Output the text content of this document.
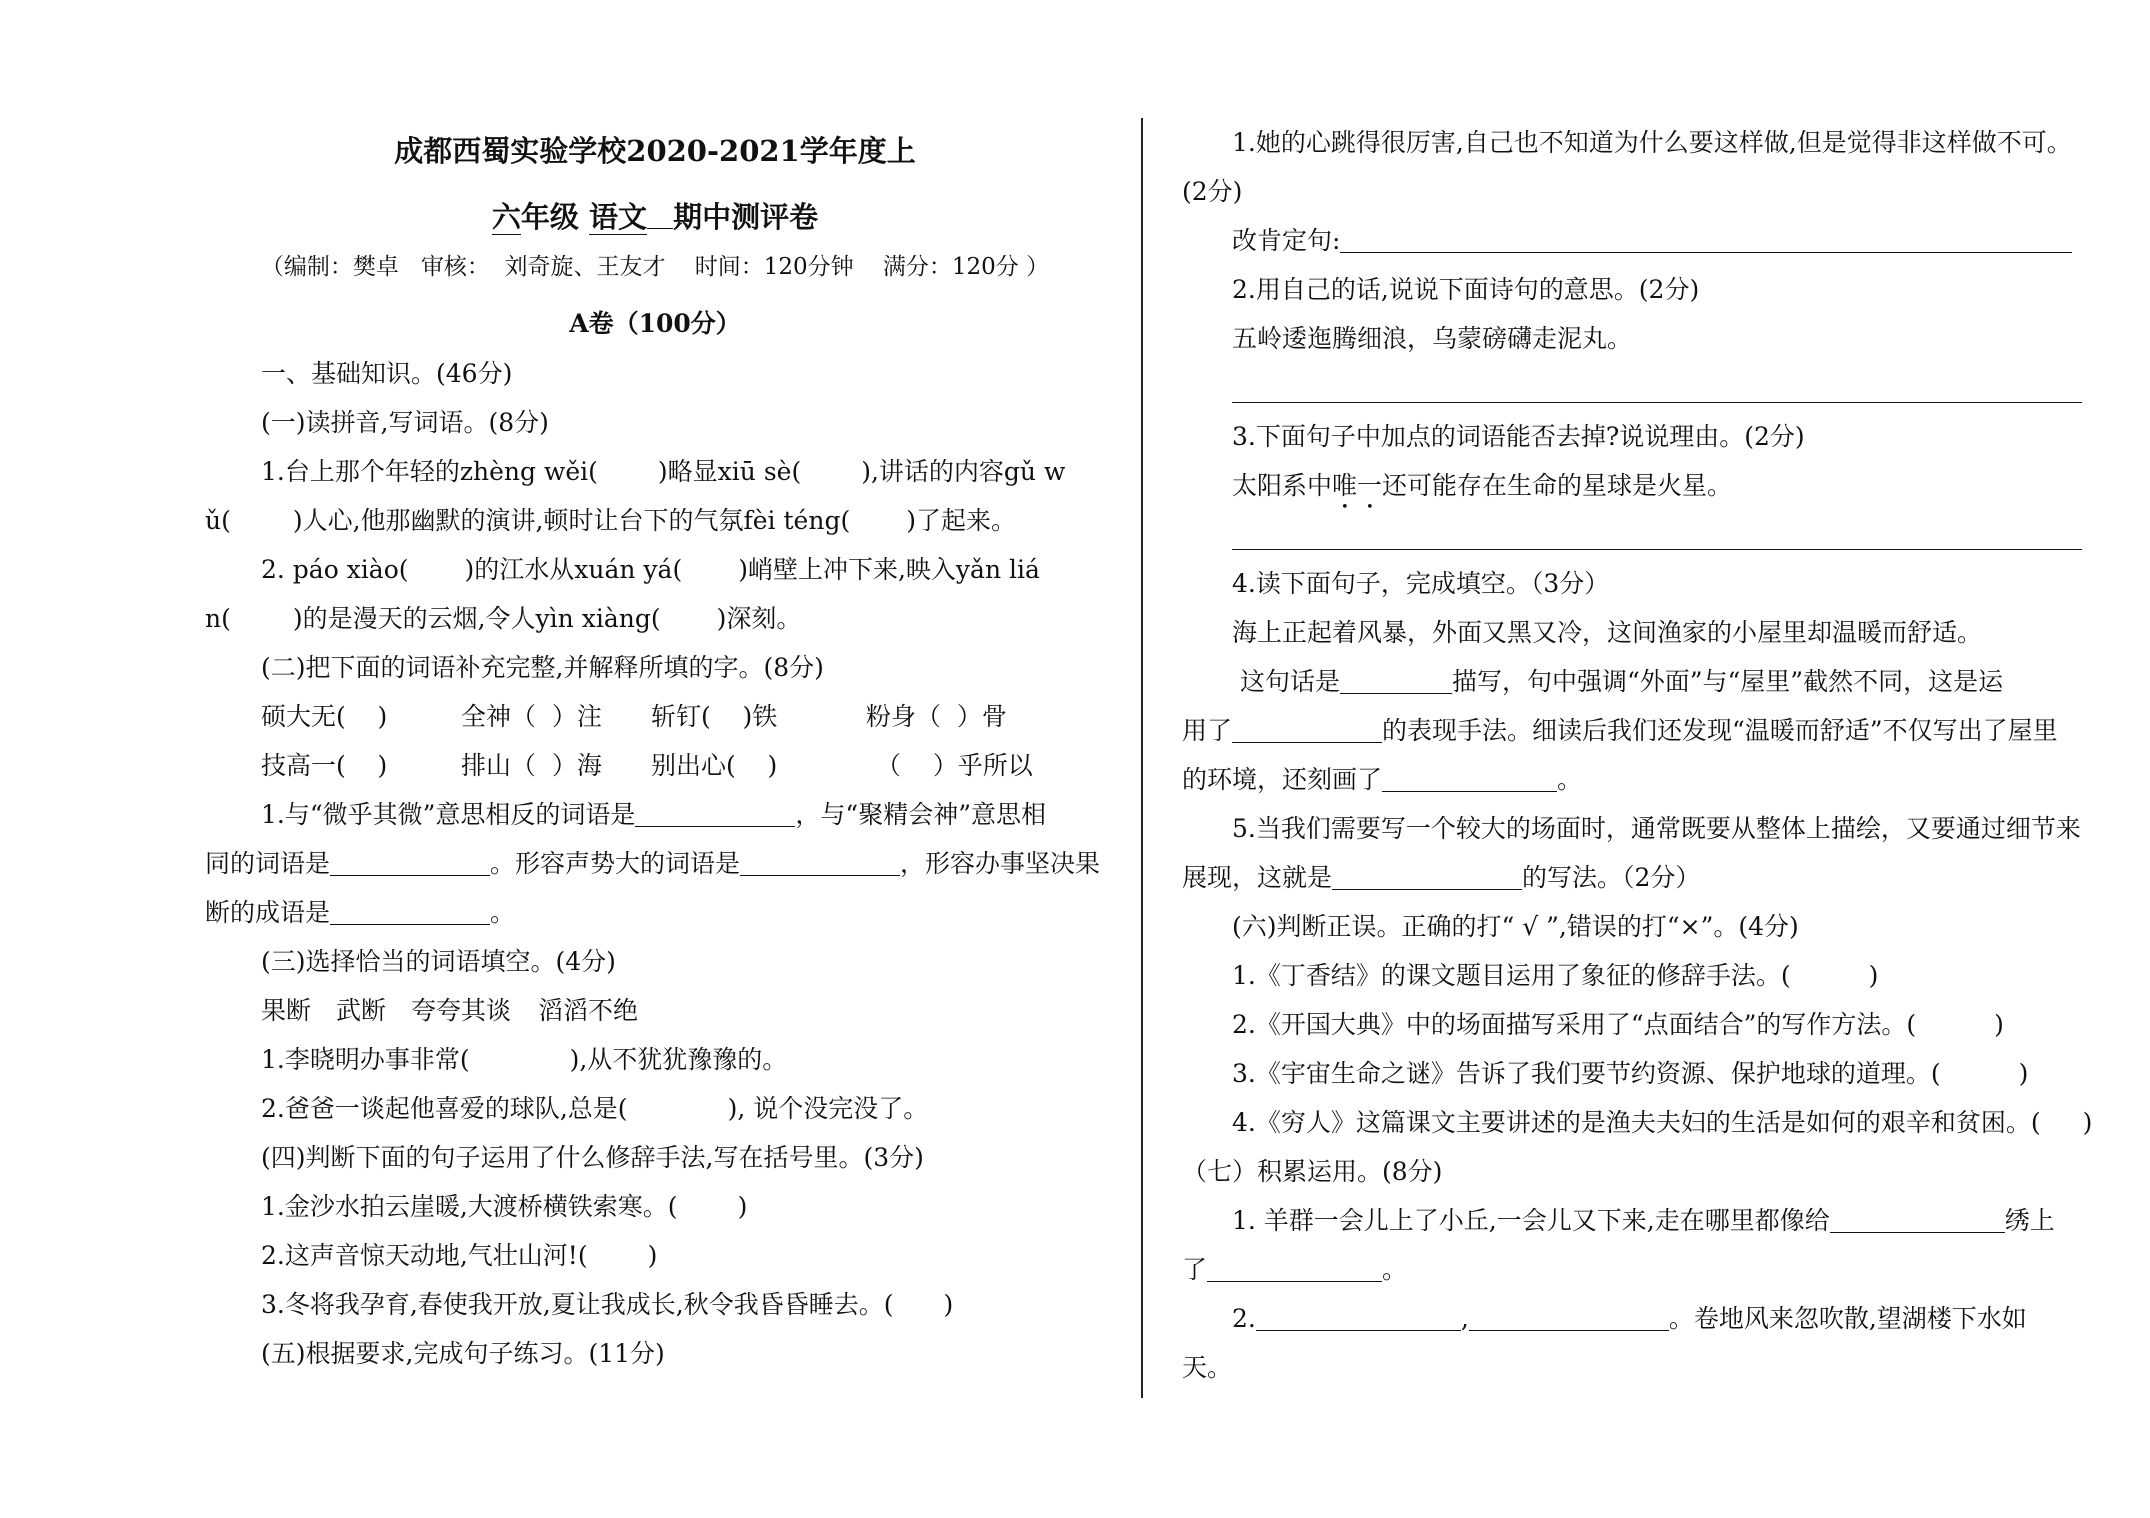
成都西蜀实验学校2020-2021学年度上
六年级 语文 期中测评卷
（编制：樊卓   审核：  刘奇旋、王友才    时间：120分钟    满分：120分 ）
A卷（100分）
一、基础知识。(46分)
(一)读拼音,写词语。(8分)
1.台上那个年轻的zhèng wěi( )略显xiū sè( ),讲话的内容gǔ w
ǔ( )人心,他那幽默的演讲,顿时让台下的气氛fèi téng( )了起来。
2. páo xiào( )的江水从xuán yá( )峭壁上冲下来,映入yǎn liá
n( )的是漫天的云烟,令人yìn xiàng( )深刻。
(二)把下面的词语补充完整,并解释所填的字。(8分)
硕大无(    )	全神（  ）注 斩钉(    )铁	粉身（  ）骨
技高一(    )	排山（  ）海 别出心(    )	（    ）乎所以
1.与“微乎其微”意思相反的词语是	，与“聚精会神”意思相
同的词语是	。形容声势大的词语是	，形容办事坚决果
断的成语是	。
(三)选择恰当的词语填空。(4分)
果断 武断 夸夸其谈 滔滔不绝
1.李晓明办事非常(	),从不犹犹豫豫的。
2.爸爸一谈起他喜爱的球队,总是(	), 说个没完没了。
(四)判断下面的句子运用了什么修辞手法,写在括号里。(3分)
1.金沙水拍云崖暖,大渡桥横铁索寒。( )
2.这声音惊天动地,气壮山河!( )
3.冬将我孕育,春使我开放,夏让我成长,秋令我昏昏睡去。( )
(五)根据要求,完成句子练习。(11分)
1.她的心跳得很厉害,自己也不知道为什么要这样做,但是觉得非这样做不可。
(2分)
改肯定句:
2.用自己的话,说说下面诗句的意思。(2分)
五岭逶迤腾细浪，乌蒙磅礴走泥丸。
3.下面句子中加点的词语能否去掉?说说理由。(2分)
太阳系中唯一还可能存在生命的星球是火星。
4.读下面句子，完成填空。（3分）
海上正起着风暴，外面又黑又冷，这间渔家的小屋里却温暖而舒适。
这句话是	描写，句中强调“外面”与“屋里”截然不同，这是运
用了	的表现手法。细读后我们还发现“温暖而舒适”不仅写出了屋里
的环境，还刻画了	。
5.当我们需要写一个较大的场面时，通常既要从整体上描绘，又要通过细节来
展现，这就是	的写法。（2分）
(六)判断正误。正确的打“ √ ”,错误的打“×”。(4分)
1.《丁香结》的课文题目运用了象征的修辞手法。(	)
2.《开国大典》中的场面描写采用了“点面结合”的写作方法。(	)
3.《宇宙生命之谜》告诉了我们要节约资源、保护地球的道理。(	)
4.《穷人》这篇课文主要讲述的是渔夫夫妇的生活是如何的艰辛和贫困。( )
（七）积累运用。(8分)
1. 羊群一会儿上了小丘,一会儿又下来,走在哪里都像给	绣上
了	。
2.	,	。卷地风来忽吹散,望湖楼下水如
天。
